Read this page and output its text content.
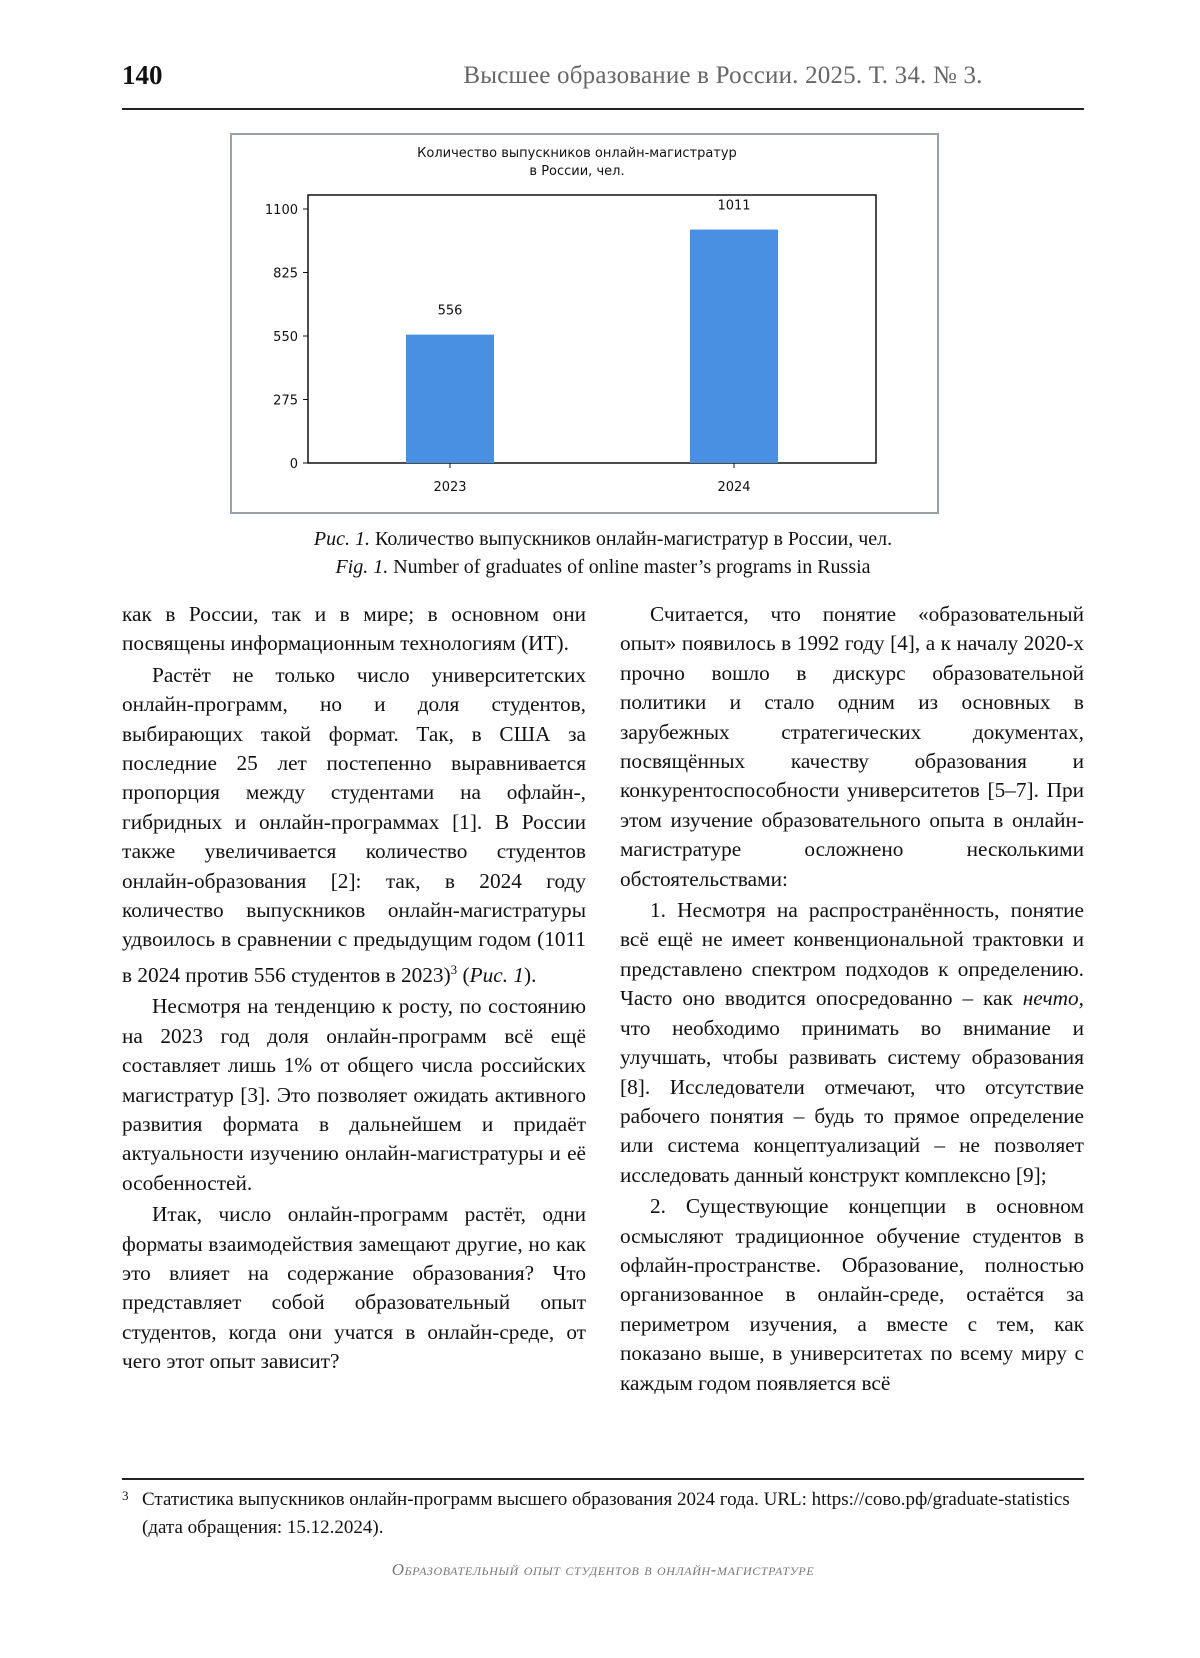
140	Высшее образование в России. 2025. Т. 34. № 3.
Количество выпускников онлайн-магистратур
в России, чел.
0
275
550
825
1100
556
2023
1011
2024
Рис. 1. Количество выпускников онлайн-магистратур в России, чел.
Fig. 1. Number of graduates of online master’s programs in Russia

как в России, так и в мире; в основном они посвящены информационным технологиям (ИТ).

Растёт не только число университетских онлайн-программ, но и доля студентов, выбирающих такой формат. Так, в США за последние 25 лет постепенно выравнивается пропорция между студентами на офлайн-, гибридных и онлайн-программах [1]. В России также увеличивается количество студентов онлайн-образования [2]: так, в 2024 году количество выпускников онлайн-магистратуры удвоилось в сравнении с предыдущим годом (1011 в 2024 против 556 студентов в 2023)$^3$ (Рис. 1).

Несмотря на тенденцию к росту, по состоянию на 2023 год доля онлайн-программ всё ещё составляет лишь 1% от общего числа российских магистратур [3]. Это позволяет ожидать активного развития формата в дальнейшем и придаёт актуальности изучению онлайн-магистратуры и её особенностей.

Итак, число онлайн-программ растёт, одни форматы взаимодействия замещают другие, но как это влияет на содержание образования? Что представляет собой образовательный опыт студентов, когда они учатся в онлайн-среде, от чего этот опыт зависит?

Считается, что понятие «образовательный опыт» появилось в 1992 году [4], а к началу 2020-х прочно вошло в дискурс образовательной политики и стало одним из основных в зарубежных стратегических документах, посвящённых качеству образования и конкурентоспособности университетов [5–7]. При этом изучение образовательного опыта в онлайн-магистратуре осложнено несколькими обстоятельствами:

1. Несмотря на распространённость, понятие всё ещё не имеет конвенциональной трактовки и представлено спектром подходов к определению. Часто оно вводится опосредованно – как нечто, что необходимо принимать во внимание и улучшать, чтобы развивать систему образования [8]. Исследователи отмечают, что отсутствие рабочего понятия – будь то прямое определение или система концептуализаций – не позволяет исследовать данный конструкт комплексно [9];

2. Существующие концепции в основном осмысляют традиционное обучение студентов в офлайн-пространстве. Образование, полностью организованное в онлайн-среде, остаётся за периметром изучения, а вместе с тем, как показано выше, в университетах по всему миру с каждым годом появляется всё

3 Статистика выпускников онлайн-программ высшего образования 2024 года. URL: https://сово.рф/graduate-statistics (дата обращения: 15.12.2024).
Образовательный опыт студентов в онлайн-магистратуре
